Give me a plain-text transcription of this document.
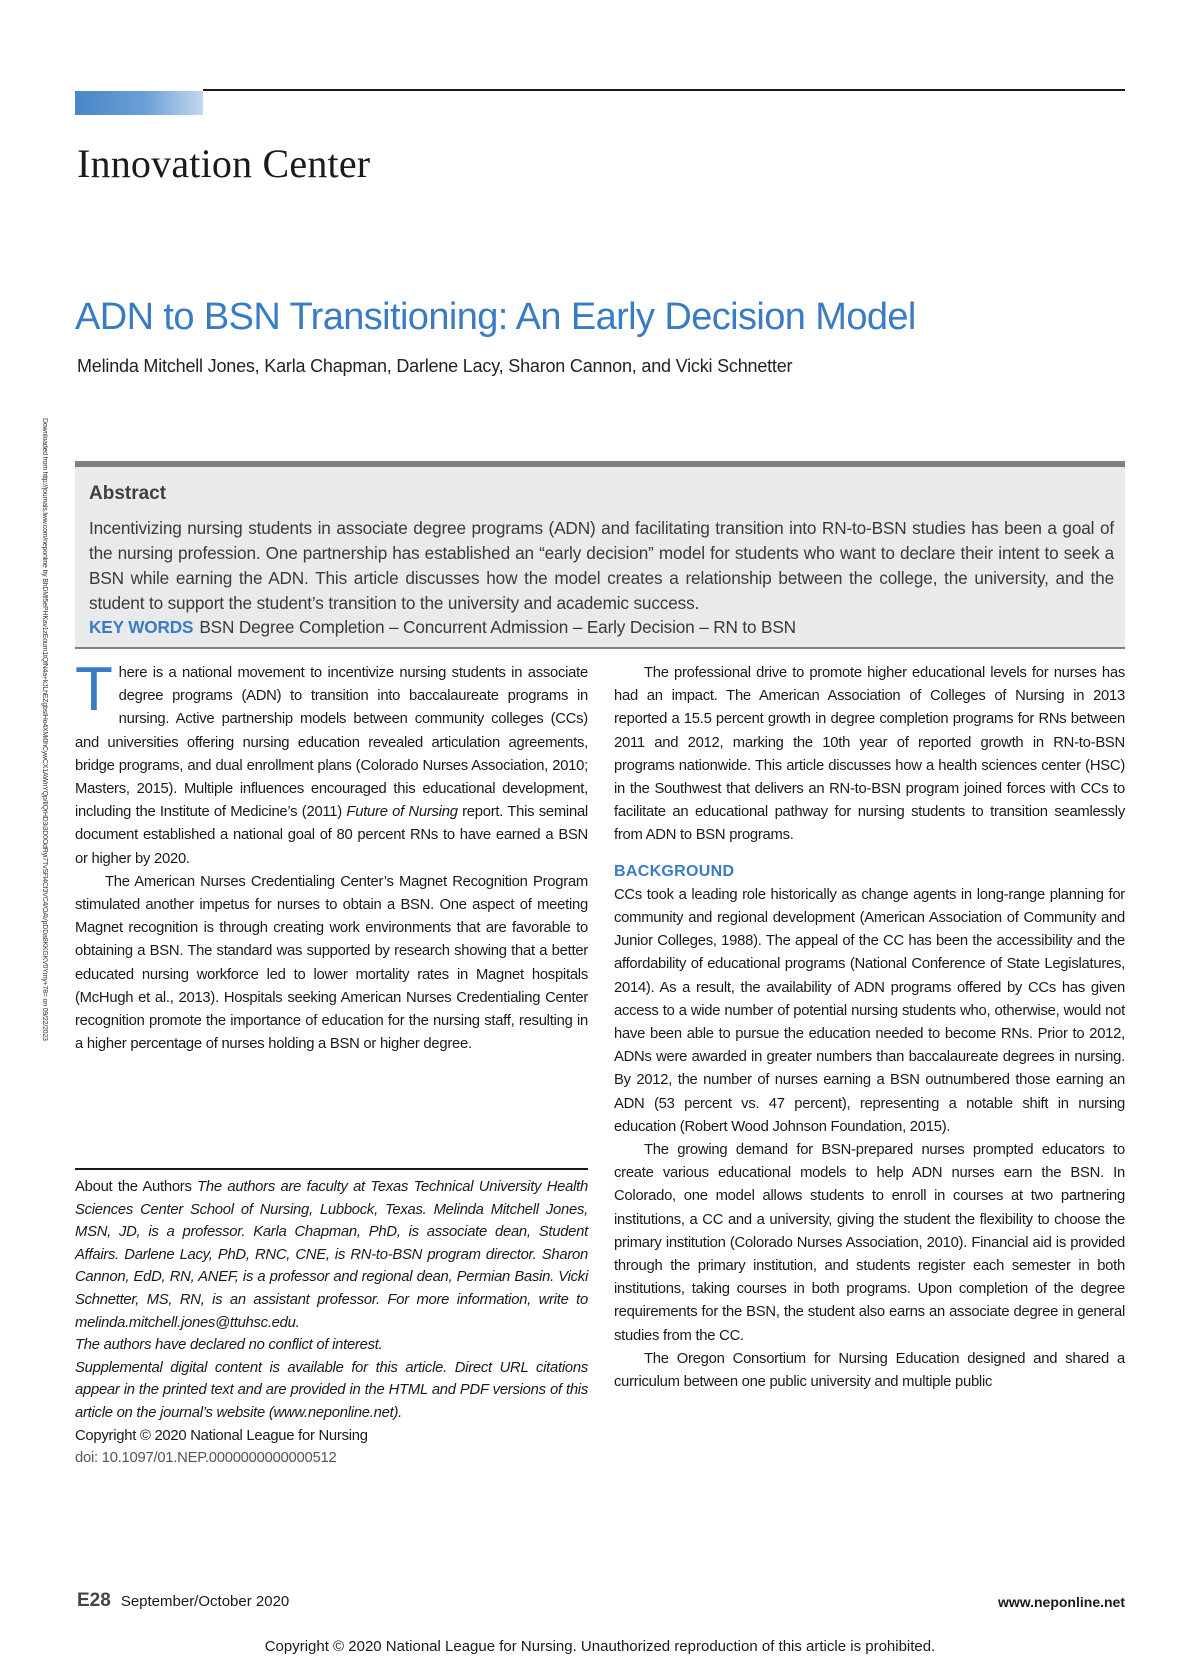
Innovation Center
ADN to BSN Transitioning: An Early Decision Model
Melinda Mitchell Jones, Karla Chapman, Darlene Lacy, Sharon Cannon, and Vicki Schnetter
Downloaded from http://journals.lww.com/neponline by BhDMf5ePHKav1zEoum1tQfN4a+kJLhEZgbsIHo4XMi0hCywCX1AWnYQp/IlQrHD3i3D0OdRyi7TvSFl4Cf3VC4/OAVpDDa8KKGKV0Ymy+78= on 09/22/2023 Abstract
Incentivizing nursing students in associate degree programs (ADN) and facilitating transition into RN-to-BSN studies has been a goal of the nursing profession. One partnership has established an “early decision” model for students who want to declare their intent to seek a BSN while earning the ADN. This article discusses how the model creates a relationship between the college, the university, and the student to support the student’s transition to the university and academic success.
KEY WORDS BSN Degree Completion – Concurrent Admission – Early Decision – RN to BSN

There is a national movement to incentivize nursing students in associate degree programs (ADN) to transition into baccalaureate programs in nursing. Active partnership models between community colleges (CCs) and universities offering nursing education revealed articulation agreements, bridge programs, and dual enrollment plans (Colorado Nurses Association, 2010; Masters, 2015). Multiple influences encouraged this educational development, including the Institute of Medicine’s (2011) Future of Nursing report. This seminal document established a national goal of 80 percent RNs to have earned a BSN or higher by 2020.

The American Nurses Credentialing Center’s Magnet Recognition Program stimulated another impetus for nurses to obtain a BSN. One aspect of meeting Magnet recognition is through creating work environments that are favorable to obtaining a BSN. The standard was supported by research showing that a better educated nursing workforce led to lower mortality rates in Magnet hospitals (McHugh et al., 2013). Hospitals seeking American Nurses Credentialing Center recognition promote the importance of education for the nursing staff, resulting in a higher percentage of nurses holding a BSN or higher degree.

The professional drive to promote higher educational levels for nurses has had an impact. The American Association of Colleges of Nursing in 2013 reported a 15.5 percent growth in degree completion programs for RNs between 2011 and 2012, marking the 10th year of reported growth in RN-to-BSN programs nationwide. This article discusses how a health sciences center (HSC) in the Southwest that delivers an RN-to-BSN program joined forces with CCs to facilitate an educational pathway for nursing students to transition seamlessly from ADN to BSN programs.

BACKGROUND

CCs took a leading role historically as change agents in long-range planning for community and regional development (American Association of Community and Junior Colleges, 1988). The appeal of the CC has been the accessibility and the affordability of educational programs (National Conference of State Legislatures, 2014). As a result, the availability of ADN programs offered by CCs has given access to a wide number of potential nursing students who, otherwise, would not have been able to pursue the education needed to become RNs. Prior to 2012, ADNs were awarded in greater numbers than baccalaureate degrees in nursing. By 2012, the number of nurses earning a BSN outnumbered those earning an ADN (53 percent vs. 47 percent), representing a notable shift in nursing education (Robert Wood Johnson Foundation, 2015).

The growing demand for BSN-prepared nurses prompted educators to create various educational models to help ADN nurses earn the BSN. In Colorado, one model allows students to enroll in courses at two partnering institutions, a CC and a university, giving the student the flexibility to choose the primary institution (Colorado Nurses Association, 2010). Financial aid is provided through the primary institution, and students register each semester in both institutions, taking courses in both programs. Upon completion of the degree requirements for the BSN, the student also earns an associate degree in general studies from the CC.

The Oregon Consortium for Nursing Education designed and shared a curriculum between one public university and multiple public

About the Authors The authors are faculty at Texas Technical University Health Sciences Center School of Nursing, Lubbock, Texas. Melinda Mitchell Jones, MSN, JD, is a professor. Karla Chapman, PhD, is associate dean, Student Affairs. Darlene Lacy, PhD, RNC, CNE, is RN-to-BSN program director. Sharon Cannon, EdD, RN, ANEF, is a professor and regional dean, Permian Basin. Vicki Schnetter, MS, RN, is an assistant professor. For more information, write to melinda.mitchell.jones@ttuhsc.edu.

The authors have declared no conflict of interest.

Supplemental digital content is available for this article. Direct URL citations appear in the printed text and are provided in the HTML and PDF versions of this article on the journal’s website (www.neponline.net).

Copyright © 2020 National League for Nursing

doi: 10.1097/01.NEP.0000000000000512

E28 September/October 2020	www.neponline.net
Copyright © 2020 National League for Nursing. Unauthorized reproduction of this article is prohibited.
